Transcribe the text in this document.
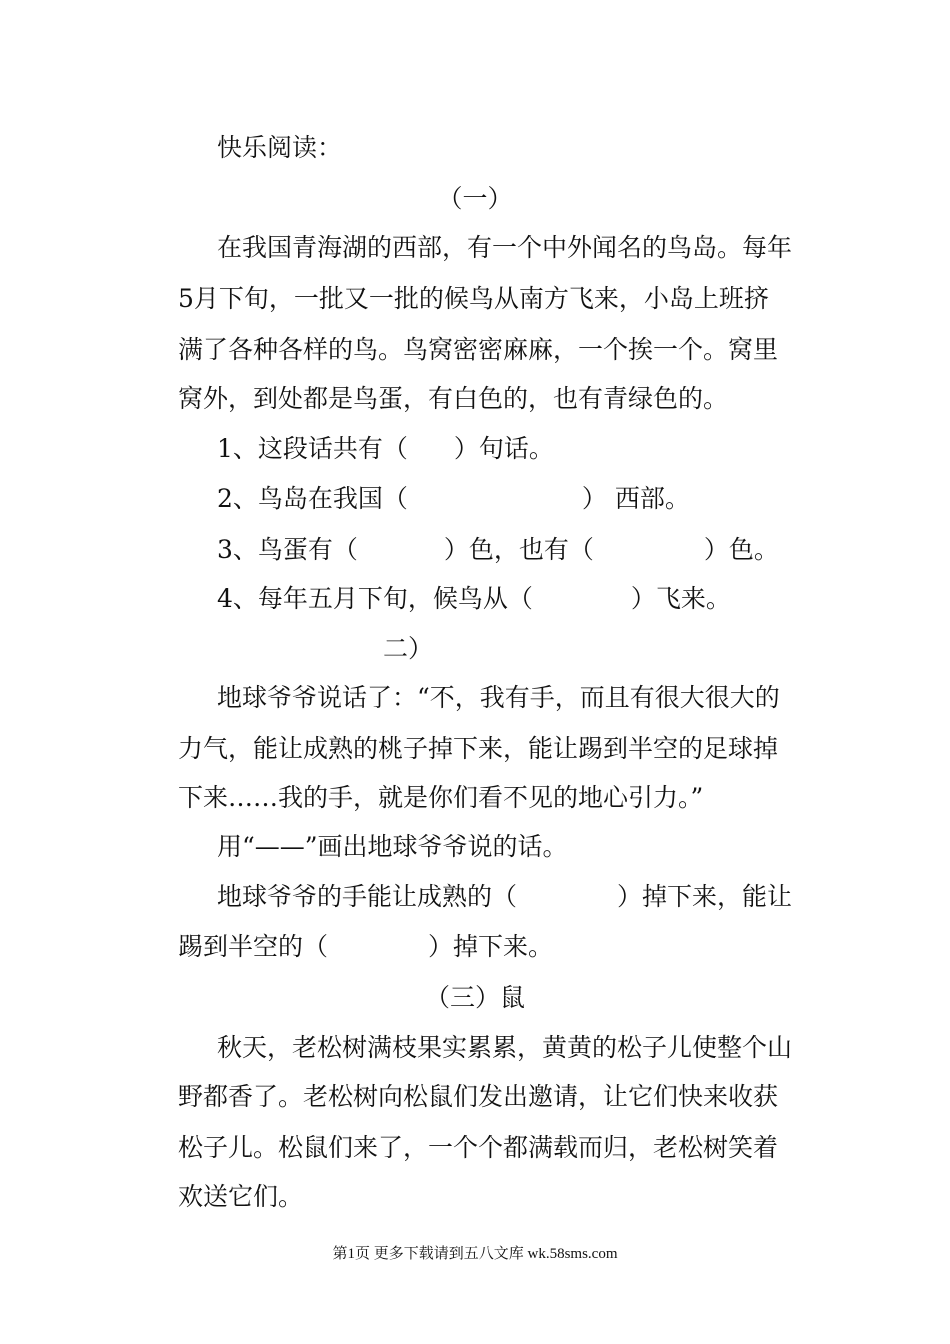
快乐阅读：
（一）
在我国青海湖的西部，有一个中外闻名的鸟岛。每年
5月下旬，一批又一批的候鸟从南方飞来，小岛上班挤
满了各种各样的鸟。鸟窝密密麻麻，一个挨一个。窝里
窝外，到处都是鸟蛋，有白色的，也有青绿色的。
1、这段话共有（ ）句话。
2、鸟岛在我国（	） 西部。
3、鸟蛋有（	）色，也有（	）色。
4、每年五月下旬，候鸟从（	）飞来。
二）
地球爷爷说话了：“不，我有手，而且有很大很大的
力气，能让成熟的桃子掉下来，能让踢到半空的足球掉
下来……我的手，就是你们看不见的地心引力。”
用“——”画出地球爷爷说的话。
地球爷爷的手能让成熟的（	）掉下来，能让
踢到半空的（	）掉下来。
（三）鼠
秋天，老松树满枝果实累累，黄黄的松子儿使整个山
野都香了。老松树向松鼠们发出邀请，让它们快来收获
松子儿。松鼠们来了，一个个都满载而归，老松树笑着
欢送它们。
第1页 更多下载请到五八文库 wk.58sms.com
